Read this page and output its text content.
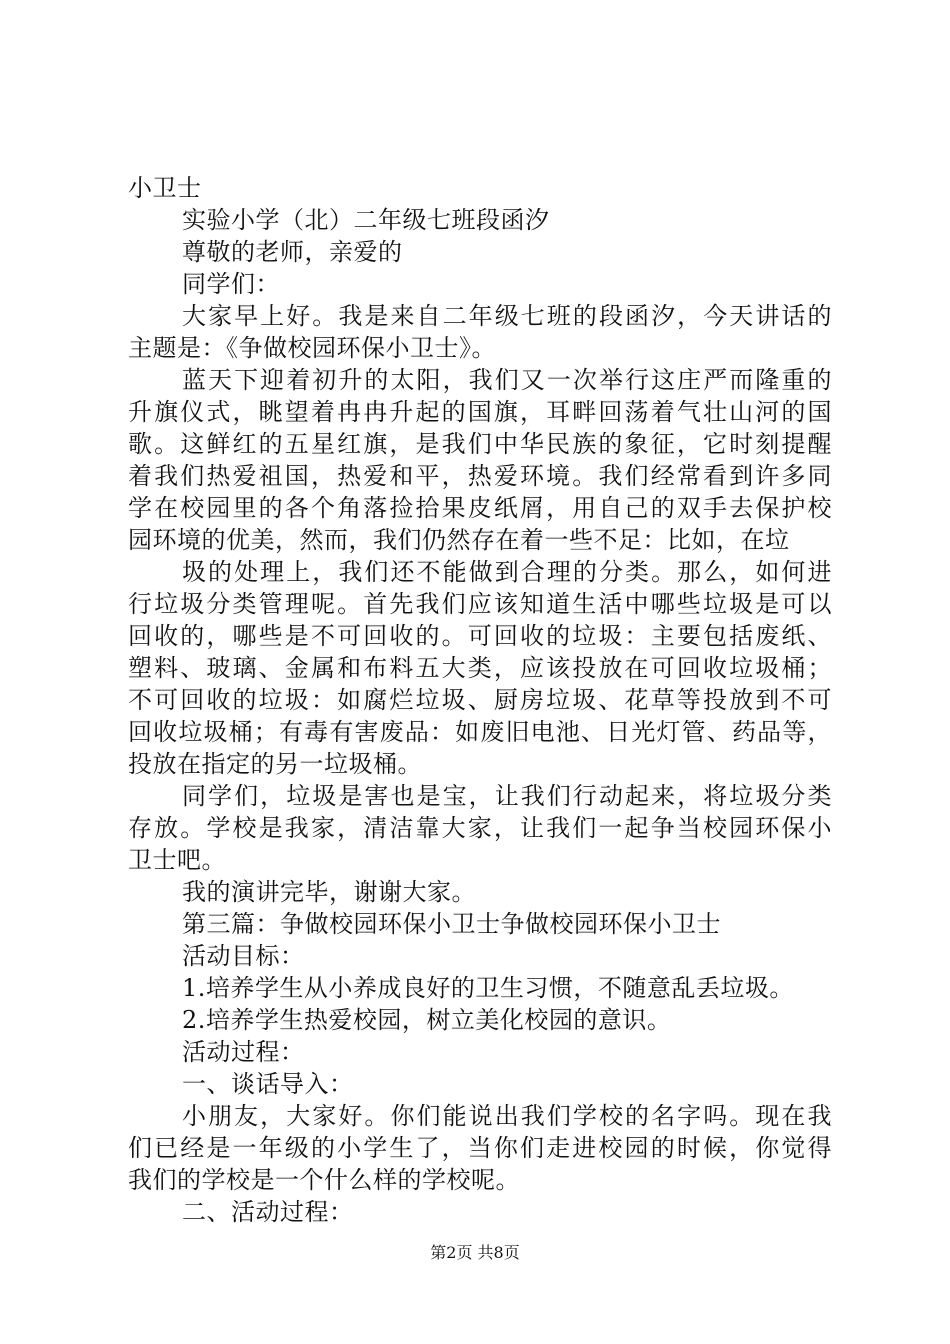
小卫士
实验小学（北）二年级七班段函汐
尊敬的老师，亲爱的
同学们：
大家早上好。我是来自二年级七班的段函汐，今天讲话的
主题是：《争做校园环保小卫士》。
蓝天下迎着初升的太阳，我们又一次举行这庄严而隆重的
升旗仪式，眺望着冉冉升起的国旗，耳畔回荡着气壮山河的国
歌。这鲜红的五星红旗，是我们中华民族的象征，它时刻提醒
着我们热爱祖国，热爱和平，热爱环境。我们经常看到许多同
学在校园里的各个角落捡拾果皮纸屑，用自己的双手去保护校
园环境的优美，然而，我们仍然存在着一些不足：比如，在垃
圾的处理上，我们还不能做到合理的分类。那么，如何进
行垃圾分类管理呢。首先我们应该知道生活中哪些垃圾是可以
回收的，哪些是不可回收的。可回收的垃圾：主要包括废纸、
塑料、玻璃、金属和布料五大类，应该投放在可回收垃圾桶；
不可回收的垃圾：如腐烂垃圾、厨房垃圾、花草等投放到不可
回收垃圾桶；有毒有害废品：如废旧电池、日光灯管、药品等，
投放在指定的另一垃圾桶。
同学们，垃圾是害也是宝，让我们行动起来，将垃圾分类
存放。学校是我家，清洁靠大家，让我们一起争当校园环保小
卫士吧。
我的演讲完毕，谢谢大家。
第三篇：争做校园环保小卫士争做校园环保小卫士
活动目标：
1.培养学生从小养成良好的卫生习惯，不随意乱丢垃圾。
2.培养学生热爱校园，树立美化校园的意识。
活动过程：
一、谈话导入：
小朋友，大家好。你们能说出我们学校的名字吗。现在我
们已经是一年级的小学生了，当你们走进校园的时候，你觉得
我们的学校是一个什么样的学校呢。
二、活动过程：
第2页 共8页
